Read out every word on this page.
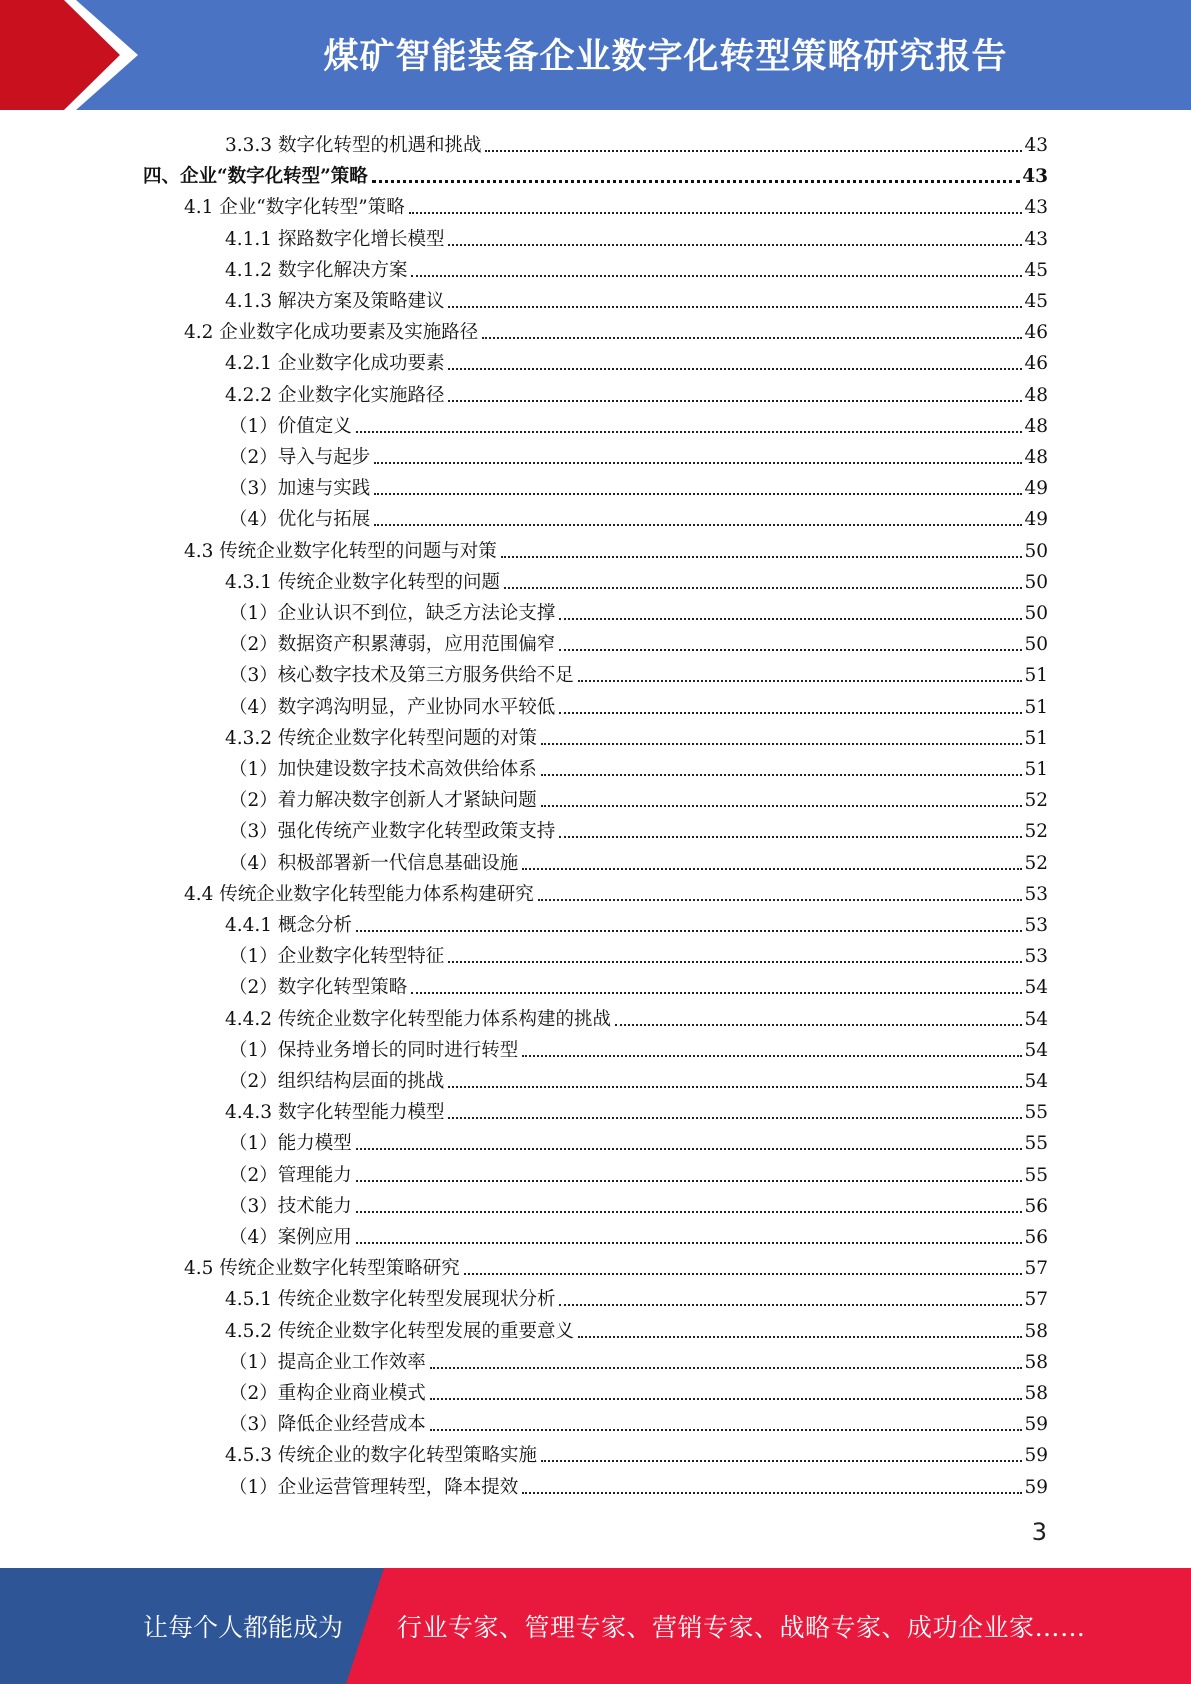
煤矿智能装备企业数字化转型策略研究报告
3.3.3 数字化转型的机遇和挑战	43
四、企业“数字化转型”策略	43
4.1 企业“数字化转型”策略	43
4.1.1 探路数字化增长模型	43
4.1.2 数字化解决方案	45
4.1.3 解决方案及策略建议	45
4.2 企业数字化成功要素及实施路径	46
4.2.1 企业数字化成功要素	46
4.2.2 企业数字化实施路径	48
（1）价值定义	48
（2）导入与起步	48
（3）加速与实践	49
（4）优化与拓展	49
4.3 传统企业数字化转型的问题与对策	50
4.3.1 传统企业数字化转型的问题	50
（1）企业认识不到位，缺乏方法论支撑	50
（2）数据资产积累薄弱，应用范围偏窄	50
（3）核心数字技术及第三方服务供给不足	51
（4）数字鸿沟明显，产业协同水平较低	51
4.3.2 传统企业数字化转型问题的对策	51
（1）加快建设数字技术高效供给体系	51
（2）着力解决数字创新人才紧缺问题	52
（3）强化传统产业数字化转型政策支持	52
（4）积极部署新一代信息基础设施	52
4.4 传统企业数字化转型能力体系构建研究	53
4.4.1 概念分析	53
（1）企业数字化转型特征	53
（2）数字化转型策略	54
4.4.2 传统企业数字化转型能力体系构建的挑战	54
（1）保持业务增长的同时进行转型	54
（2）组织结构层面的挑战	54
4.4.3 数字化转型能力模型	55
（1）能力模型	55
（2）管理能力	55
（3）技术能力	56
（4）案例应用	56
4.5 传统企业数字化转型策略研究	57
4.5.1 传统企业数字化转型发展现状分析	57
4.5.2 传统企业数字化转型发展的重要意义	58
（1）提高企业工作效率	58
（2）重构企业商业模式	58
（3）降低企业经营成本	59
4.5.3 传统企业的数字化转型策略实施	59
（1）企业运营管理转型，降本提效	59
3
让每个人都能成为 行业专家、管理专家、营销专家、战略专家、成功企业家……
